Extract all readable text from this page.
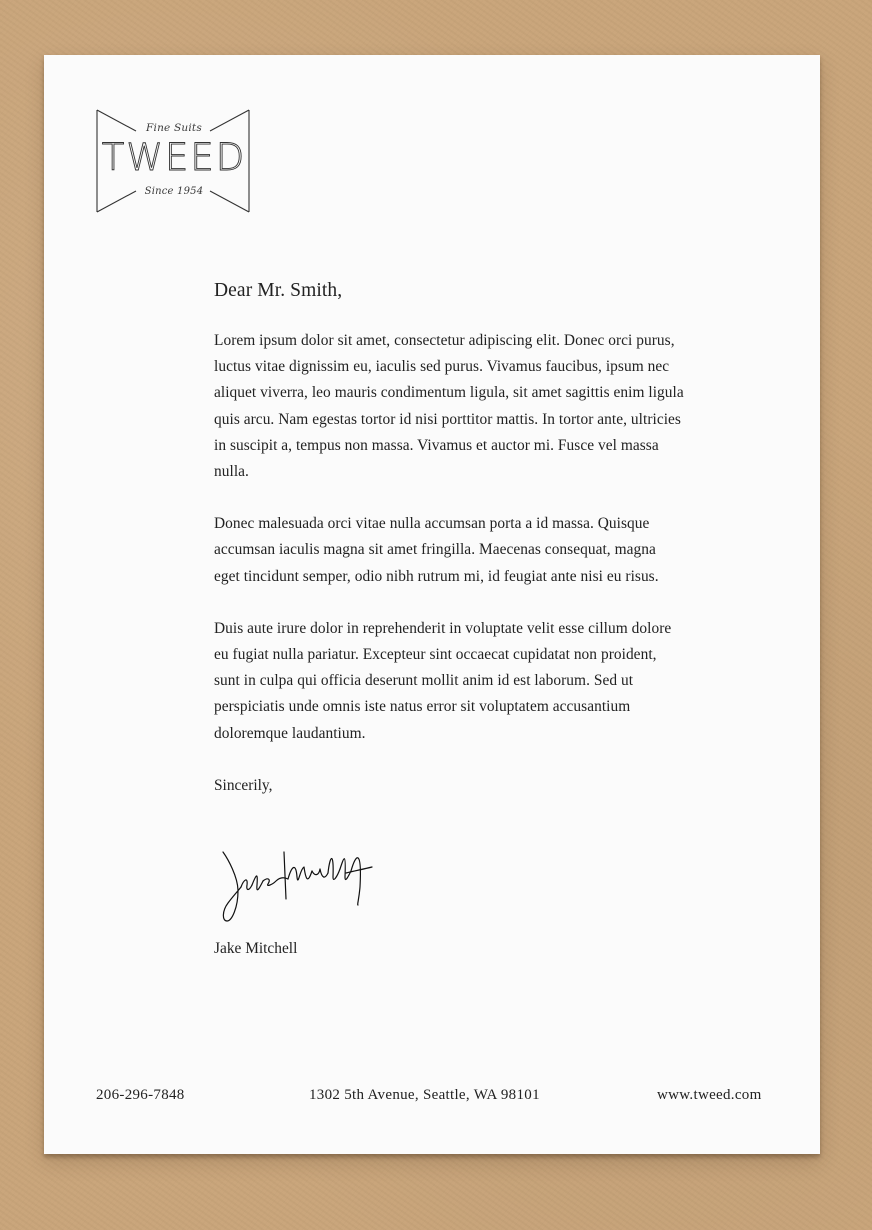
Fine Suits
TWEED
Since 1954

Dear Mr. Smith,

Lorem ipsum dolor sit amet, consectetur adipiscing elit. Donec orci purus, luctus vitae dignissim eu, iaculis sed purus. Vivamus faucibus, ipsum nec aliquet viverra, leo mauris condimentum ligula, sit amet sagittis enim ligula quis arcu. Nam egestas tortor id nisi porttitor mattis. In tortor ante, ultricies in suscipit a, tempus non massa. Vivamus et auctor mi. Fusce vel massa nulla.

Donec malesuada orci vitae nulla accumsan porta a id massa. Quisque accumsan iaculis magna sit amet fringilla. Maecenas consequat, magna eget tincidunt semper, odio nibh rutrum mi, id feugiat ante nisi eu risus.

Duis aute irure dolor in reprehenderit in voluptate velit esse cillum dolore eu fugiat nulla pariatur. Excepteur sint occaecat cupidatat non proident, sunt in culpa qui officia deserunt mollit anim id est laborum. Sed ut perspiciatis unde omnis iste natus error sit voluptatem accusantium doloremque laudantium.

Sincerily,

Jake Mitchell
206-296-7848	1302 5th Avenue, Seattle, WA 98101	www.tweed.com
